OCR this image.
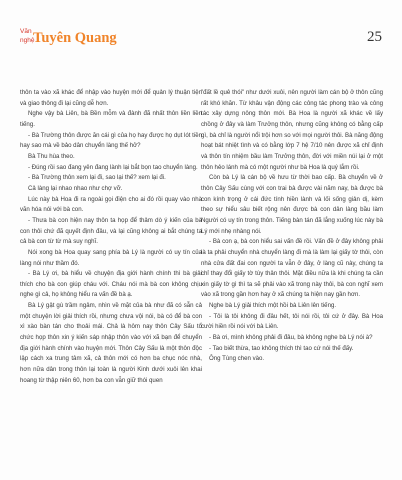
Văn
nghệ
Tuyên Quang	25

thôn ta vào xã khác để nhập vào huyện mới để quản lý thuận tiện và giao thông đi lại cũng dễ hơn.

Nghe vậy bà Liên, bà Bền mỗm và đành đã nhất thôn liền liền tiếng.

- Bà Trường thôn được ăn cái gì của họ hay được họ dụt lót tiền hay sao mà về bảo dân chuyển làng thế hở?

Bà Thu hùa theo.

- Đúng rồi sao đang yên đang lành lại bắt bọn tao chuyển làng.

- Bà Trường thôn xem lại đi, sao lại thế? xem lại đi.

Cả làng lại nhao nhao như chợ vỡ.

Lúc này bà Hoa đi ra ngoài gọi điện cho ai đó rồi quay vào nhà văn hóa nói với bà con.

- Thưa bà con hiện nay thôn ta họp để thảm dò ý kiến của bà con thôi chứ đã quyết định đâu, và lại cũng không ai bắt chúng ta cả bà con từ từ mà suy nghĩ.

Nói xong bà Hoa quay sang phía bà Lý là người có uy tín của làng nói như thầm đó.

- Bà Lý ơi, bà hiểu về chuyện địa giới hành chính thì bà giải thích cho bà con giúp cháu với. Cháu nói mà bà con không chịu nghe gì cả, họ không hiểu ra vấn đề bà ạ.

Bà Lý gật gù trầm ngâm, nhìn về mặt của bà như đã có sẵn cả một chuyện lời giải thích rồi, nhưng chưa vội nói, bà có để bà con xì xào bàn tán cho thoải mái. Chả là hôm nay thôn Cây Sấu tổ chức họp thôn xin ý kiến sáp nhập thôn vào với xã bạn để chuyển địa giới hành chính vào huyện mới. Thôn Cây Sấu là một thôn độc lập cách xa trung tâm xã, cả thôn mới có hơn ba chục nóc nhà, hơn nữa dân trong thôn lại toàn là người Kinh dưới xuôi lên khai hoang từ thập niên 60, hơn ba con vẫn giữ thói quen

"đất lề quê thói" như dưới xuôi, nên người làm cán bộ ở thôn cũng rất khó khăn. Từ khâu vận động các công tác phong trào và công tác xây dựng nông thôn mới. Bà Hoa là người xã khác về lấy chồng ở đây và làm Trưởng thôn, nhưng cũng không có bằng cấp gì, bà chỉ là người nổi trội hơn so với mọi người thôi. Bà năng động hoạt bát nhiệt tình và có bằng lớp 7 hệ 7/10 nên được xã chỉ định và thôn tín nhiệm bầu làm Trưởng thôn, đời với miền núi lại ở một thôn hẻo lánh mà có một người như bà Hoa là quý lắm rồi.

Còn bà Lý là cán bộ về hưu từ thời bao cấp. Bà chuyển về ở thôn Cây Sấu cùng với con trai bà được vài năm nay, bà được bà con kính trọng ở cái đức tính hiền lành và lối sống giản dị, kèm theo sự hiểu sâu biết rộng nên được bà con dân làng bầu làm Người có uy tín trong thôn. Tiếng bàn tán đã lắng xuống lúc này bà Lý mới nhẹ nhàng nói.

- Bà con ạ, bà con hiểu sai vấn đề rồi. Vấn đề ở đây không phải là ta phải chuyển nhà chuyển làng đi mà là làm lại giấy tờ thôi, còn nhà cửa đất đai con người ta vẫn ở đây, ở làng cũ này, chúng ta chỉ thay đổi giấy tờ tùy thân thôi. Mặt điều nữa là khi chúng ta cần xin giấy tờ gì thì ta sẽ phải vào xã trong này thôi, bà con nghĩ xem vào xã trong gần hơn hay ở xã chúng ta hiện nay gần hơn.

Nghe bà Lý giải thích một hồi bà Liên lên tiếng.

- Tôi là tôi không đi đâu hết, tôi nói rồi, tôi cứ ở đây. Bà Hoa cười hiền rồi nói với bà Liên.

- Bà ơi, mình không phải đi đâu, bà không nghe bà Lý nói à?

- Tao biết thừa, tao không thích thì tao cứ nói thế đấy.

Ông Tùng chen vào.
